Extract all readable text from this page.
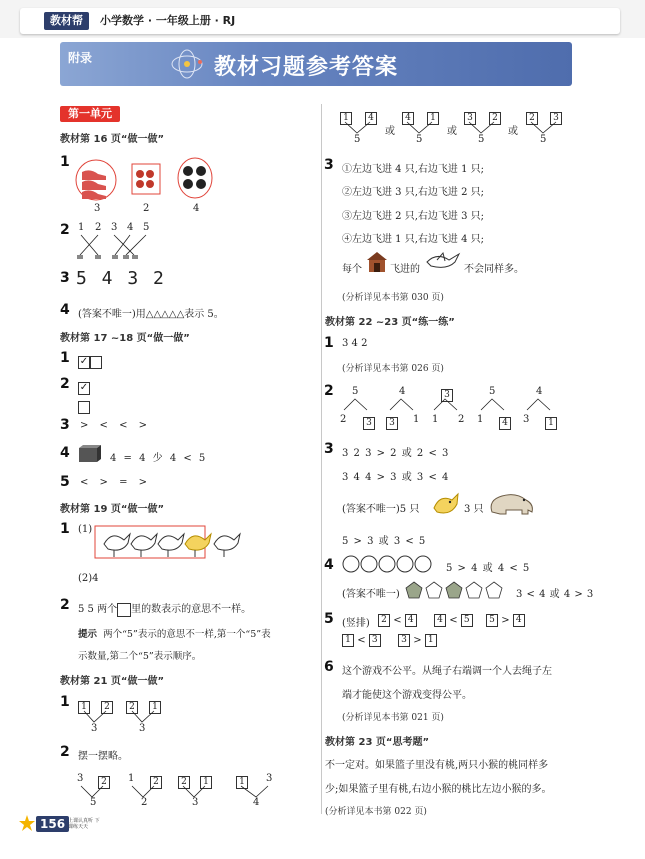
教材帮	小学数学 · 一年级上册 · RJ
附录	教材习题参考答案
第一单元
教材第 16 页“做一做”
1
3	2	4
2 1 2 3 4 5
3 5 4 3 2
4 (答案不唯一)用△△△△△表示 5。
教材第 17 ~18 页“做一做”
1 ✓
2 ✓

3 > < < >
4	4 = 4 少 4 < 5
5 < > = >
教材第 19 页“做一做”
1 (1)
(2)4
2 5 5 两个 里的数表示的意思不一样。
提示 两个“5”表示的意思不一样,第一个“5”表
示数量,第二个“5”表示顺序。
教材第 21 页“做一做”
1	1	2
3
2	1
3
2 摆一摆略。
3	2
5
1	2
2
2	1
3
1	3
4
1	4
5
或
4	1
5
或
3	2
5
或
2	3
5
3 ①左边飞进 4 只,右边飞进 1 只;
②左边飞进 3 只,右边飞进 2 只;
③左边飞进 2 只,右边飞进 3 只;
④左边飞进 1 只,右边飞进 4 只;
每个	飞进的	不会同样多。
(分析详见本书第 030 页)
教材第 22 ~23 页“练一练”
1 3 4 2
(分析详见本书第 026 页)
2 5
2	3
4
3	1
3
1 2
5
1	4
4
3	1
3 3 2 3 > 2 或 2 < 3
3 4 4 > 3 或 3 < 4
(答案不唯一)5 只	3 只
5 > 3 或 3 < 5
4	5 > 4 或 4 < 5
(答案不唯一)	3 < 4 或 4 > 3
5 (竖排)	2 < 4	4 < 5	5 > 4
1 < 3	3 > 1
6 这个游戏不公平。从绳子右端调一个人去绳子左
端才能使这个游戏变得公平。
(分析详见本书第 021 页)
教材第 23 页“思考题”
不一定对。如果篮子里没有桃,两只小猴的桃同样多
少;如果篮子里有桃,右边小猴的桃比左边小猴的多。
(分析详见本书第 022 页)
156 上课认真听 下课练天天
